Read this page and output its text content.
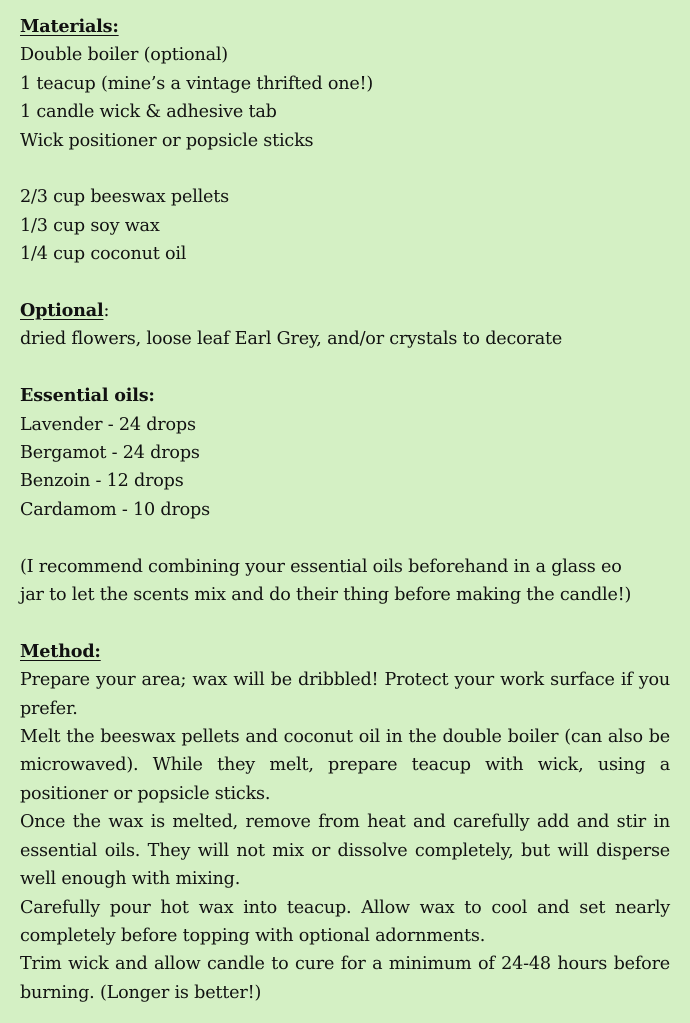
Materials:
Double boiler (optional)
1 teacup (mine’s a vintage thrifted one!)
1 candle wick & adhesive tab
Wick positioner or popsicle sticks
2/3 cup beeswax pellets
1/3 cup soy wax
1/4 cup coconut oil
Optional:
dried flowers, loose leaf Earl Grey, and/or crystals to decorate
Essential oils:
Lavender - 24 drops
Bergamot - 24 drops
Benzoin - 12 drops
Cardamom - 10 drops
(I recommend combining your essential oils beforehand in a glass eo
jar to let the scents mix and do their thing before making the candle!)
Method:
Prepare your area; wax will be dribbled! Protect your work surface if you prefer.
Melt the beeswax pellets and coconut oil in the double boiler (can also be microwaved). While they melt, prepare teacup with wick, using a positioner or popsicle sticks.
Once the wax is melted, remove from heat and carefully add and stir in essential oils. They will not mix or dissolve completely, but will disperse well enough with mixing.
Carefully pour hot wax into teacup. Allow wax to cool and set nearly completely before topping with optional adornments.
Trim wick and allow candle to cure for a minimum of 24-48 hours before burning. (Longer is better!)
